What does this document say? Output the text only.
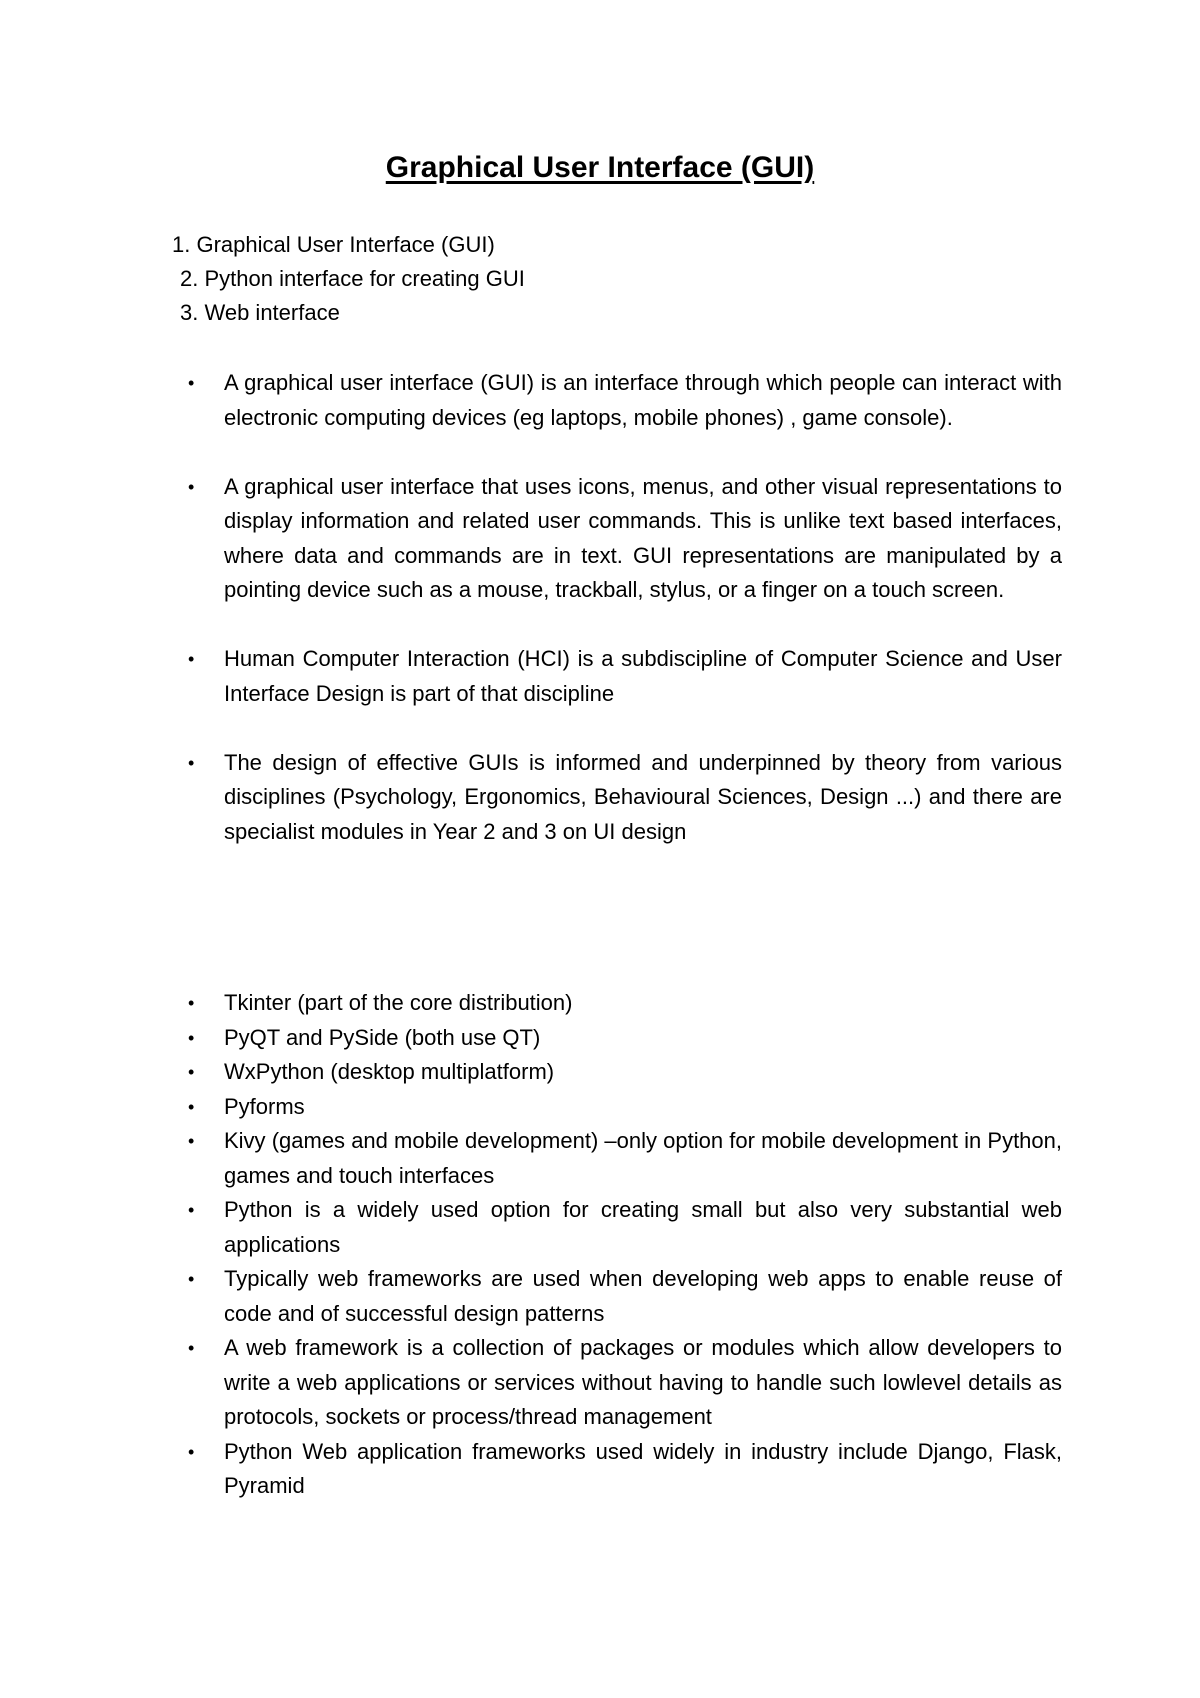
Graphical User Interface (GUI)
1. Graphical User Interface (GUI)
2. Python interface for creating GUI
3. Web interface
• A graphical user interface (GUI) is an interface through which people can interact with electronic computing devices (eg laptops, mobile phones) , game console).
• A graphical user interface that uses icons, menus, and other visual representations to display information and related user commands. This is unlike text based interfaces, where data and commands are in text. GUI representations are manipulated by a pointing device such as a mouse, trackball, stylus, or a finger on a touch screen.
• Human Computer Interaction (HCI) is a subdiscipline of Computer Science and User Interface Design is part of that discipline
• The design of effective GUIs is informed and underpinned by theory from various disciplines (Psychology, Ergonomics, Behavioural Sciences, Design ...) and there are specialist modules in Year 2 and 3 on UI design
• Tkinter (part of the core distribution)
• PyQT and PySide (both use QT)
• WxPython (desktop multiplatform)
• Pyforms
• Kivy (games and mobile development) –only option for mobile development in Python, games and touch interfaces
• Python is a widely used option for creating small but also very substantial web applications
• Typically web frameworks are used when developing web apps to enable reuse of code and of successful design patterns
• A web framework is a collection of packages or modules which allow developers to write a web applications or services without having to handle such lowlevel details as protocols, sockets or process/thread management
• Python Web application frameworks used widely in industry include Django, Flask, Pyramid
